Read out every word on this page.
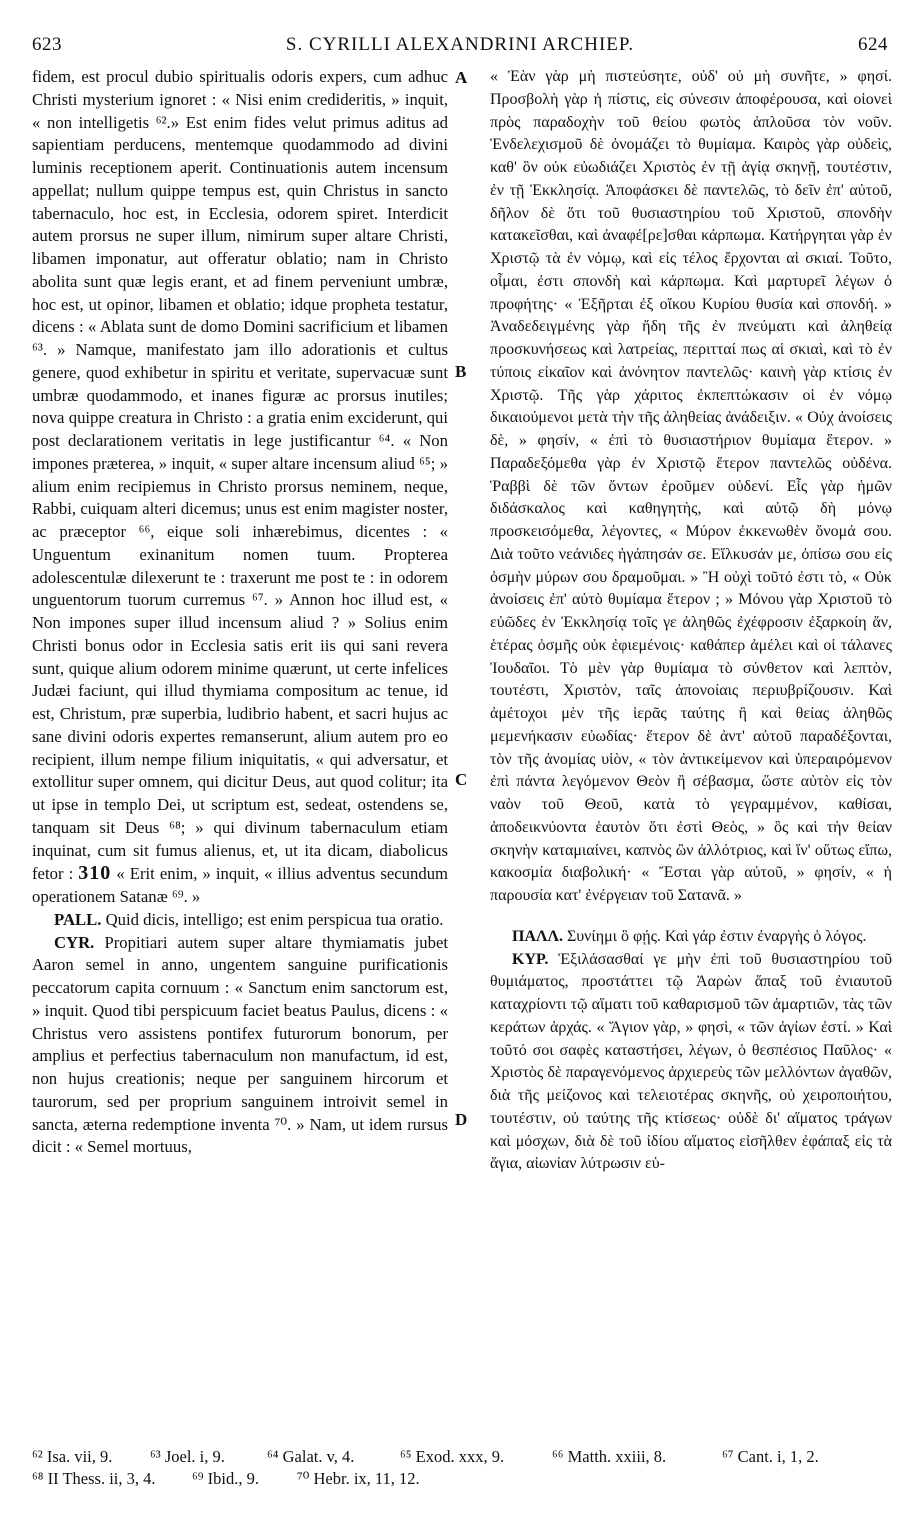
623	S. CYRILLI ALEXANDRINI ARCHIEP.	624

fidem, est procul dubio spiritualis odoris expers, cum adhuc Christi mysterium ignoret : « Nisi enim credideritis, » inquit, « non intelligetis ⁶².» Est enim fides velut primus aditus ad sapientiam perducens, mentemque quodammodo ad divini luminis receptionem aperit. Continuationis autem incensum appellat; nullum quippe tempus est, quin Christus in sancto tabernaculo, hoc est, in Ecclesia, odorem spiret. Interdicit autem prorsus ne super illum, nimirum super altare Christi, libamen imponatur, aut offeratur oblatio; nam in Christo abolita sunt quæ legis erant, et ad finem perveniunt umbræ, hoc est, ut opinor, libamen et oblatio; idque propheta testatur, dicens : « Ablata sunt de domo Domini sacrificium et libamen ⁶³. » Namque, manifestato jam illo adorationis et cultus genere, quod exhibetur in spiritu et veritate, supervacuæ sunt umbræ quodammodo, et inanes figuræ ac prorsus inutiles; nova quippe creatura in Christo : a gratia enim exciderunt, qui post declarationem veritatis in lege justificantur ⁶⁴. « Non impones præterea, » inquit, « super altare incensum aliud ⁶⁵; » alium enim recipiemus in Christo prorsus neminem, neque, Rabbi, cuiquam alteri dicemus; unus est enim magister noster, ac præceptor ⁶⁶, eique soli inhærebimus, dicentes : « Unguentum exinanitum nomen tuum. Propterea adolescentulæ dilexerunt te : traxerunt me post te : in odorem unguentorum tuorum curremus ⁶⁷. » Annon hoc illud est, « Non impones super illud incensum aliud ? » Solius enim Christi bonus odor in Ecclesia satis erit iis qui sani revera sunt, quique alium odorem minime quærunt, ut certe infelices Judæi faciunt, qui illud thymiama compositum ac tenue, id est, Christum, præ superbia, ludibrio habent, et sacri hujus ac sane divini odoris expertes remanserunt, alium autem pro eo recipient, illum nempe filium iniquitatis, « qui adversatur, et extollitur super omnem, qui dicitur Deus, aut quod colitur; ita ut ipse in templo Dei, ut scriptum est, sedeat, ostendens se, tanquam sit Deus ⁶⁸; » qui divinum tabernaculum etiam inquinat, cum sit fumus alienus, et, ut ita dicam, diabolicus fetor : 310 « Erit enim, » inquit, « illius adventus secundum operationem Satanæ ⁶⁹. »

PALL. Quid dicis, intelligo; est enim perspicua tua oratio.

CYR. Propitiari autem super altare thymiamatis jubet Aaron semel in anno, ungentem sanguine purificationis peccatorum capita cornuum : « Sanctum enim sanctorum est, » inquit. Quod tibi perspicuum faciet beatus Paulus, dicens : « Christus vero assistens pontifex futurorum bonorum, per amplius et perfectius tabernaculum non manufactum, id est, non hujus creationis; neque per sanguinem hircorum et taurorum, sed per proprium sanguinem introivit semel in sancta, æterna redemptione inventa ⁷⁰. » Nam, ut idem rursus dicit : « Semel mortuus,

A
B
C
D

« Ἐὰν γὰρ μὴ πιστεύσητε, οὐδ' οὐ μὴ συνῆτε, » φησί. Προσβολὴ γὰρ ἡ πίστις, εἰς σύνεσιν ἀποφέρουσα, καὶ οἱονεὶ πρὸς παραδοχὴν τοῦ θείου φωτὸς ἁπλοῦσα τὸν νοῦν. Ἐνδελεχισμοῦ δὲ ὀνομάζει τὸ θυμίαμα. Καιρὸς γὰρ οὐδεὶς, καθ' ὃν οὐκ εὐωδιάζει Χριστὸς ἐν τῇ ἁγίᾳ σκηνῇ, τουτέστιν, ἐν τῇ Ἐκκλησίᾳ. Ἀποφάσκει δὲ παντελῶς, τὸ δεῖν ἐπ' αὐτοῦ, δῆλον δὲ ὅτι τοῦ θυσιαστηρίου τοῦ Χριστοῦ, σπονδὴν κατακεῖσθαι, καὶ ἀναφέ[ρε]σθαι κάρπωμα. Κατήργηται γὰρ ἐν Χριστῷ τὰ ἐν νόμῳ, καὶ εἰς τέλος ἔρχονται αἱ σκιαί. Τοῦτο, οἶμαι, ἐστι σπονδὴ καὶ κάρπωμα. Καὶ μαρτυρεῖ λέγων ὁ προφήτης· « Ἐξῆρται ἐξ οἴκου Κυρίου θυσία καὶ σπονδή. » Ἀναδεδειγμένης γὰρ ἤδη τῆς ἐν πνεύματι καὶ ἀληθείᾳ προσκυνήσεως καὶ λατρείας, περιτταί πως αἱ σκιαὶ, καὶ τὸ ἐν τύποις εἰκαῖον καὶ ἀνόνητον παντελῶς· καινὴ γὰρ κτίσις ἐν Χριστῷ. Τῆς γὰρ χάριτος ἐκπεπτώκασιν οἱ ἐν νόμῳ δικαιούμενοι μετὰ τὴν τῆς ἀληθείας ἀνάδειξιν. « Οὐχ ἀνοίσεις δὲ, » φησίν, « ἐπὶ τὸ θυσιαστήριον θυμίαμα ἕτερον. » Παραδεξόμεθα γὰρ ἐν Χριστῷ ἕτερον παντελῶς οὐδένα. Ῥαββὶ δὲ τῶν ὄντων ἐροῦμεν οὐδενί. Εἷς γὰρ ἡμῶν διδάσκαλος καὶ καθηγητὴς, καὶ αὐτῷ δὴ μόνῳ προσκεισόμεθα, λέγοντες, « Μύρον ἐκκενωθὲν ὄνομά σου. Διὰ τοῦτο νεάνιδες ἠγάπησάν σε. Εἵλκυσάν με, ὀπίσω σου εἰς ὀσμὴν μύρων σου δραμοῦμαι. » Ἢ οὐχὶ τοῦτό ἐστι τὸ, « Οὐκ ἀνοίσεις ἐπ' αὐτὸ θυμίαμα ἕτερον ; » Μόνου γὰρ Χριστοῦ τὸ εὐῶδες ἐν Ἐκκλησίᾳ τοῖς γε ἀληθῶς ἐχέφροσιν ἐξαρκοίη ἄν, ἑτέρας ὀσμῆς οὐκ ἐφιεμένοις· καθάπερ ἀμέλει καὶ οἱ τάλανες Ἰουδαῖοι. Τὸ μὲν γὰρ θυμίαμα τὸ σύνθετον καὶ λεπτὸν, τουτέστι, Χριστὸν, ταῖς ἀπονοίαις περιυβρίζουσιν. Καὶ ἀμέτοχοι μὲν τῆς ἱερᾶς ταύτης ἢ καὶ θείας ἀληθῶς μεμενήκασιν εὐωδίας· ἕτερον δὲ ἀντ' αὐτοῦ παραδέξονται, τὸν τῆς ἀνομίας υἱὸν, « τὸν ἀντικείμενον καὶ ὑπεραιρόμενον ἐπὶ πάντα λεγόμενον Θεὸν ἢ σέβασμα, ὥστε αὐτὸν εἰς τὸν ναὸν τοῦ Θεοῦ, κατὰ τὸ γεγραμμένον, καθίσαι, ἀποδεικνύοντα ἑαυτὸν ὅτι ἐστὶ Θεὸς, » ὃς καὶ τὴν θείαν σκηνὴν καταμιαίνει, καπνὸς ὢν ἀλλότριος, καὶ ἵν' οὕτως εἴπω, κακοσμία διαβολική· « Ἔσται γὰρ αὐτοῦ, » φησίν, « ἡ παρουσία κατ' ἐνέργειαν τοῦ Σατανᾶ. »

ΠΑΛΛ. Συνίημι ὃ φῄς. Καὶ γάρ ἐστιν ἐναργὴς ὁ λόγος.

ΚΥΡ. Ἐξιλάσασθαί γε μὴν ἐπὶ τοῦ θυσιαστηρίου τοῦ θυμιάματος, προστάττει τῷ Ἀαρὼν ἅπαξ τοῦ ἐνιαυτοῦ καταχρίοντι τῷ αἵματι τοῦ καθαρισμοῦ τῶν ἁμαρτιῶν, τὰς τῶν κεράτων ἀρχάς. « Ἅγιον γὰρ, » φησὶ, « τῶν ἁγίων ἐστί. » Καὶ τοῦτό σοι σαφὲς καταστήσει, λέγων, ὁ θεσπέσιος Παῦλος· « Χριστὸς δὲ παραγενόμενος ἀρχιερεὺς τῶν μελλόντων ἀγαθῶν, διὰ τῆς μείζονος καὶ τελειοτέρας σκηνῆς, οὐ χειροποιήτου, τουτέστιν, οὐ ταύτης τῆς κτίσεως· οὐδὲ δι' αἵματος τράγων καὶ μόσχων, διὰ δὲ τοῦ ἰδίου αἵματος εἰσῆλθεν ἐφάπαξ εἰς τὰ ἅγια, αἰωνίαν λύτρωσιν εὑ-

⁶² Isa. vii, 9. ⁶³ Joel. i, 9.	⁶⁴ Galat. v, 4.	⁶⁵ Exod. xxx, 9.	⁶⁶ Matth. xxiii, 8.	⁶⁷ Cant. i, 1, 2.
⁶⁸ II Thess. ii, 3, 4. ⁶⁹ Ibid., 9. ⁷⁰ Hebr. ix, 11, 12.
